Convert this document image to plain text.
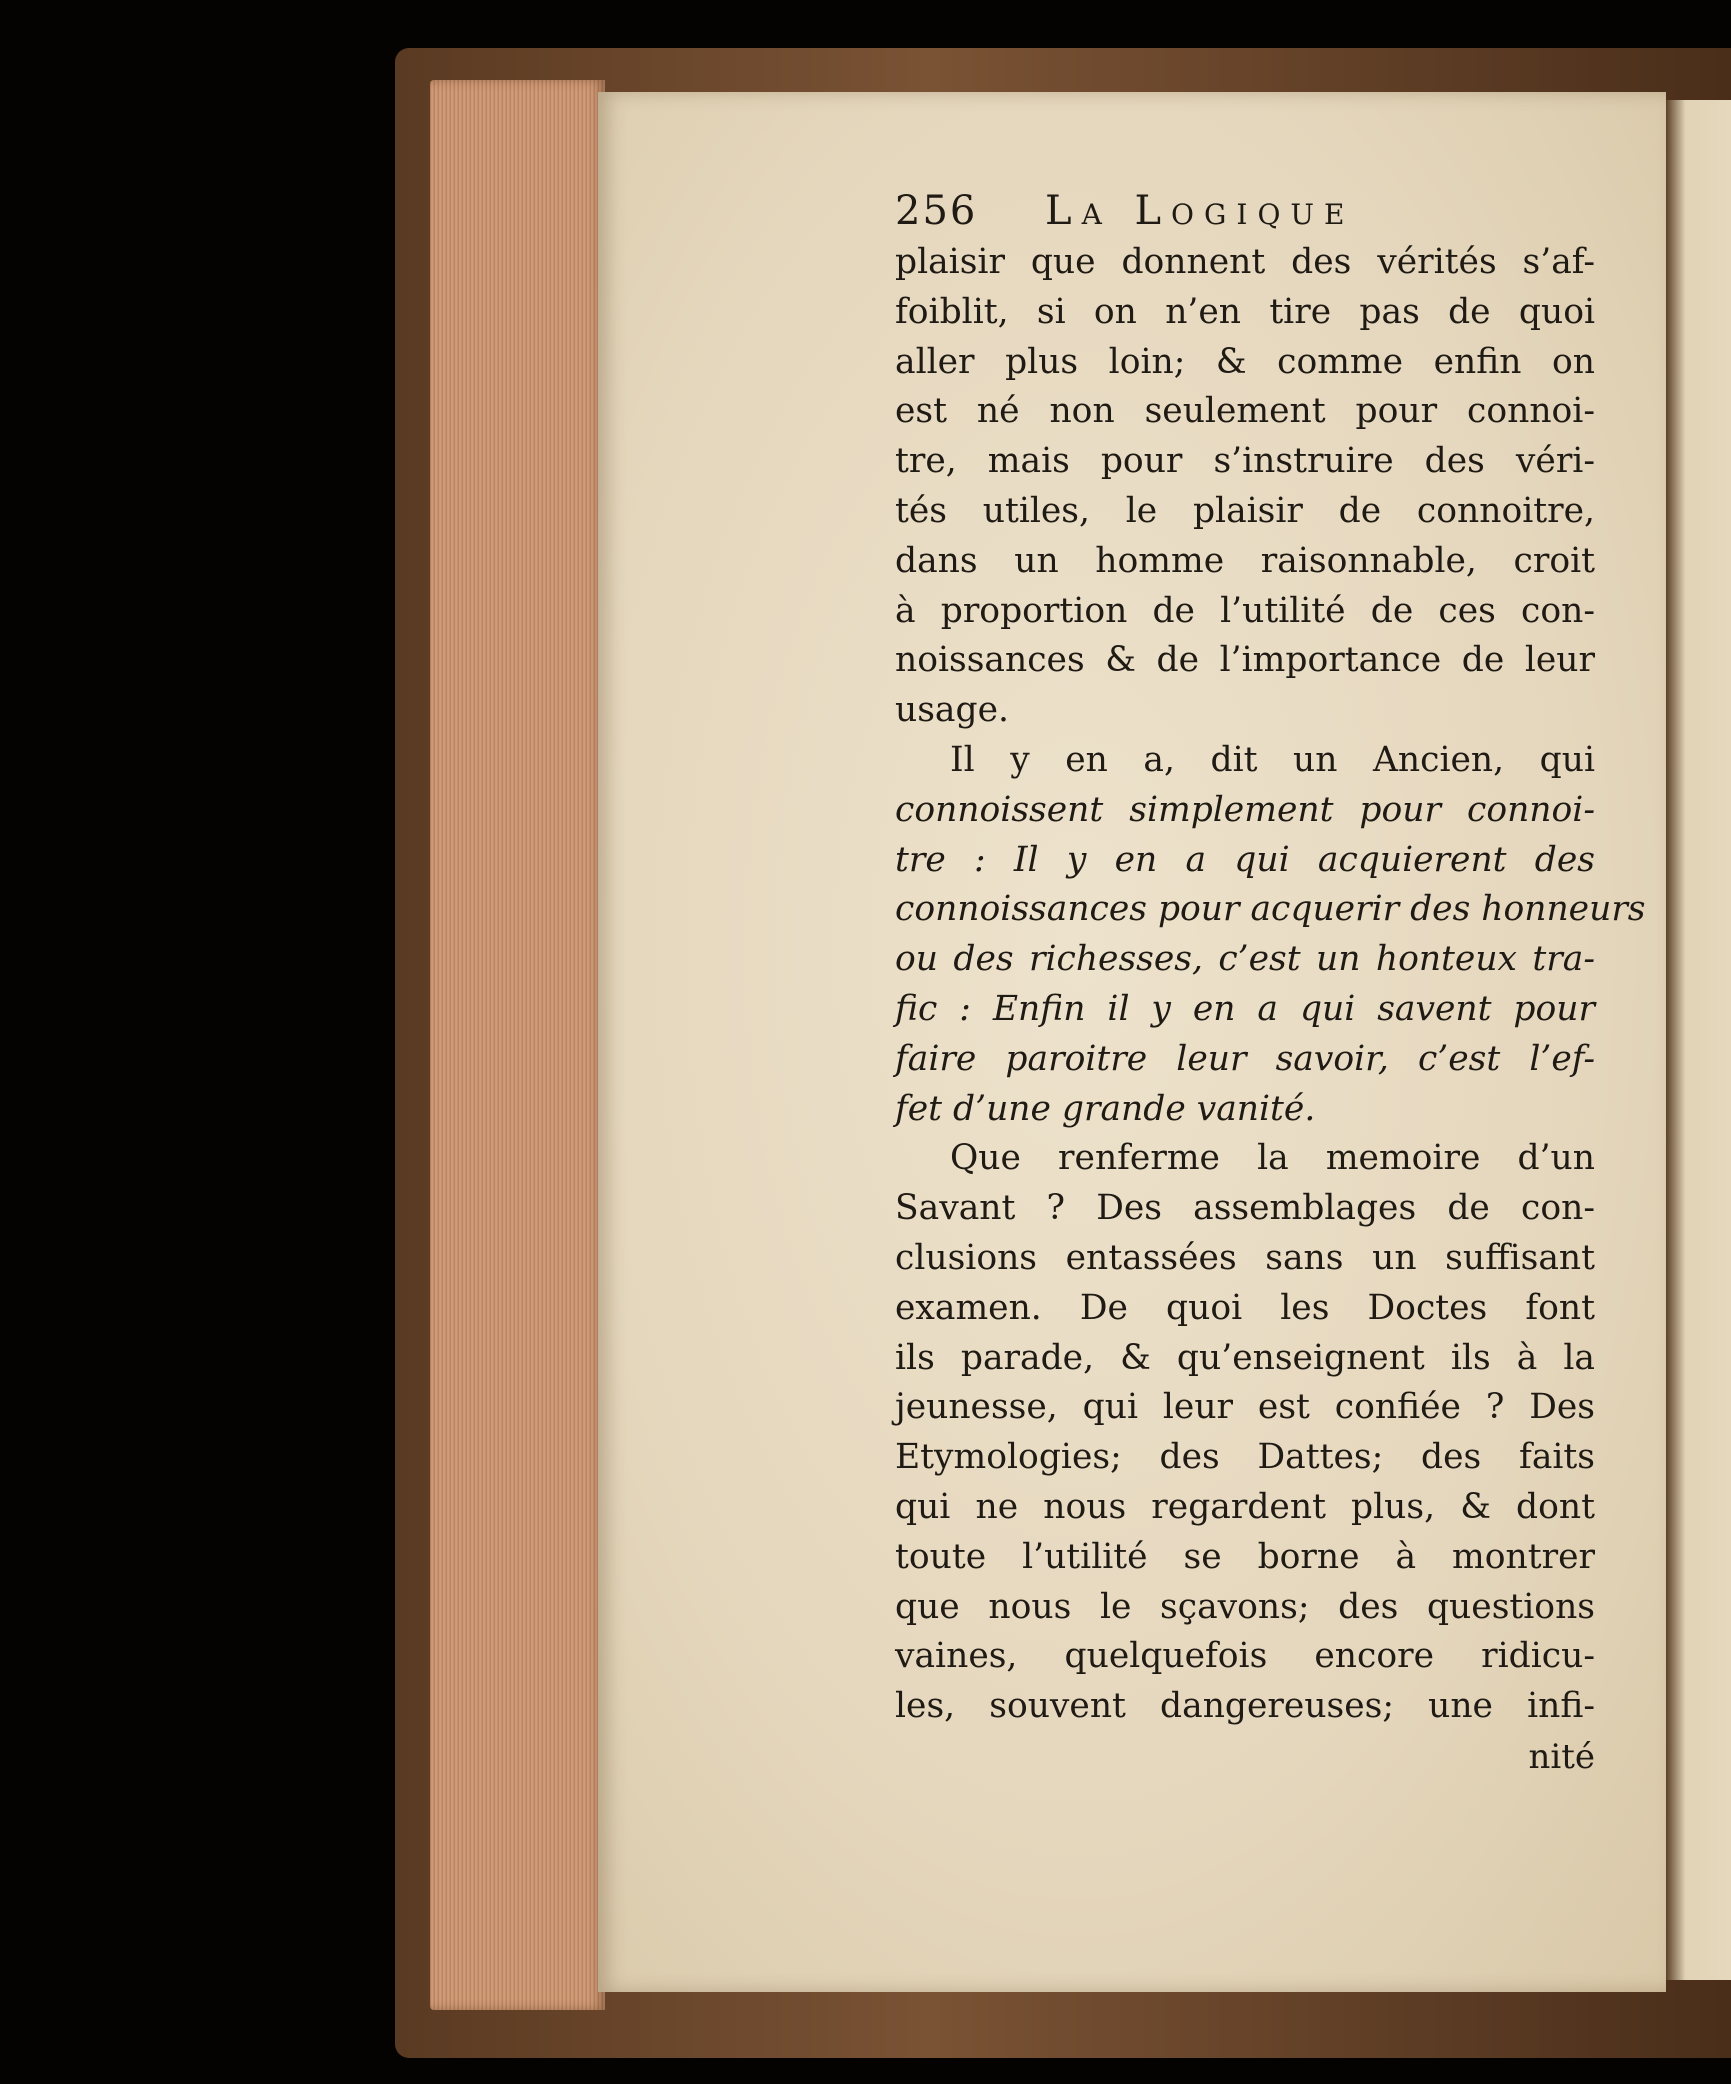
256	La Logique
plaisir que donnent des vérités s’af-
foiblit, si on n’en tire pas de quoi
aller plus loin; & comme enfin on
est né non seulement pour connoi-
tre, mais pour s’instruire des véri-
tés utiles, le plaisir de connoitre,
dans un homme raisonnable, croit
à proportion de l’utilité de ces con-
noissances & de l’importance de leur
usage.
Il y en a, dit un Ancien, qui
connoissent simplement pour connoi-
tre : Il y en a qui acquierent des
connoissances pour acquerir des honneurs
ou des richesses, c’est un honteux tra-
fic : Enfin il y en a qui savent pour
faire paroitre leur savoir, c’est l’ef-
fet d’une grande vanité.
Que renferme la memoire d’un
Savant ? Des assemblages de con-
clusions entassées sans un suffisant
examen. De quoi les Doctes font
ils parade, & qu’enseignent ils à la
jeunesse, qui leur est confiée ? Des
Etymologies; des Dattes; des faits
qui ne nous regardent plus, & dont
toute l’utilité se borne à montrer
que nous le sçavons; des questions
vaines, quelquefois encore ridicu-
les, souvent dangereuses; une infi-
nité
